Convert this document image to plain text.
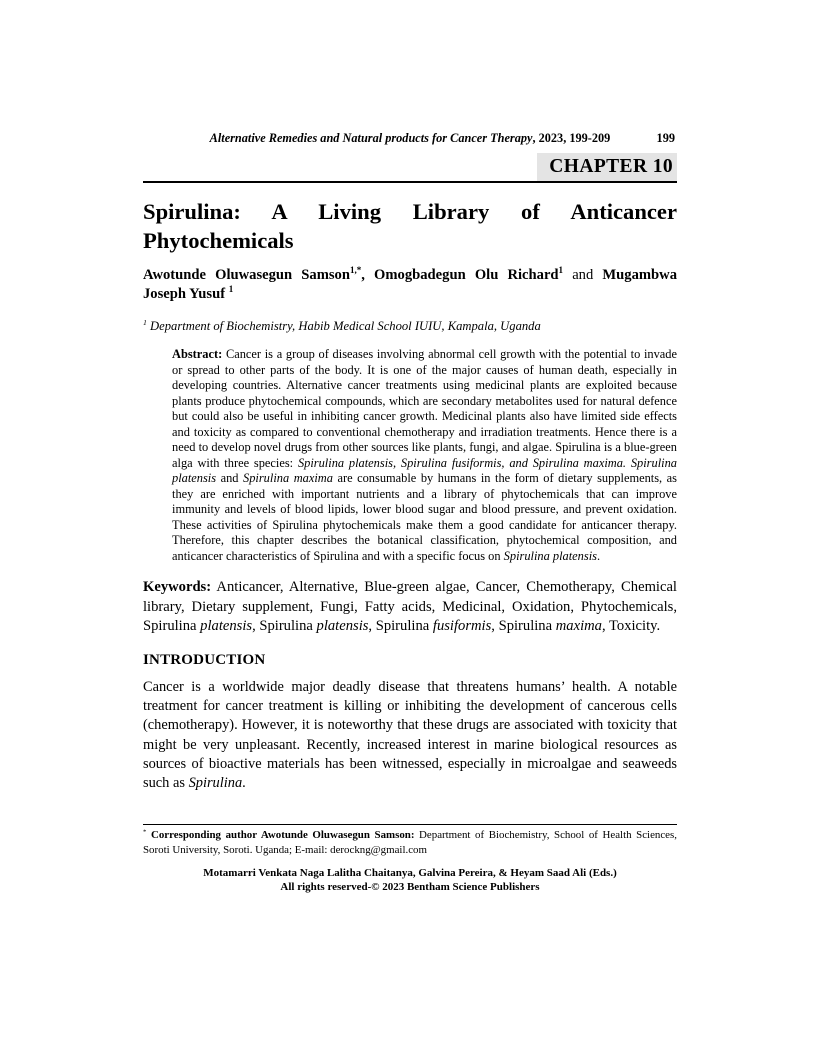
Alternative Remedies and Natural products for Cancer Therapy, 2023, 199-209	199
CHAPTER 10
Spirulina: A Living Library of Anticancer Phytochemicals

Awotunde Oluwasegun Samson$^{1,*}$, Omogbadegun Olu Richard$^1$ and Mugambwa Joseph Yusuf $^1$

$^1$ Department of Biochemistry, Habib Medical School IUIU, Kampala, Uganda

Abstract: Cancer is a group of diseases involving abnormal cell growth with the potential to invade or spread to other parts of the body. It is one of the major causes of human death, especially in developing countries. Alternative cancer treatments using medicinal plants are exploited because plants produce phytochemical compounds, which are secondary metabolites used for natural defence but could also be useful in inhibiting cancer growth. Medicinal plants also have limited side effects and toxicity as compared to conventional chemotherapy and irradiation treatments. Hence there is a need to develop novel drugs from other sources like plants, fungi, and algae. Spirulina is a blue-green alga with three species: Spirulina platensis, Spirulina fusiformis, and Spirulina maxima. Spirulina platensis and Spirulina maxima are consumable by humans in the form of dietary supplements, as they are enriched with important nutrients and a library of phytochemicals that can improve immunity and levels of blood lipids, lower blood sugar and blood pressure, and prevent oxidation. These activities of Spirulina phytochemicals make them a good candidate for anticancer therapy. Therefore, this chapter describes the botanical classification, phytochemical composition, and anticancer characteristics of Spirulina and with a specific focus on Spirulina platensis.

Keywords: Anticancer, Alternative, Blue-green algae, Cancer, Chemotherapy, Chemical library, Dietary supplement, Fungi, Fatty acids, Medicinal, Oxidation, Phytochemicals, Spirulina platensis, Spirulina platensis, Spirulina fusiformis, Spirulina maxima, Toxicity.

INTRODUCTION

Cancer is a worldwide major deadly disease that threatens humans’ health. A notable treatment for cancer treatment is killing or inhibiting the development of cancerous cells (chemotherapy). However, it is noteworthy that these drugs are associated with toxicity that might be very unpleasant. Recently, increased interest in marine biological resources as sources of bioactive materials has been witnessed, especially in microalgae and seaweeds such as Spirulina.

* Corresponding author Awotunde Oluwasegun Samson: Department of Biochemistry, School of Health Sciences, Soroti University, Soroti. Uganda; E-mail: derockng@gmail.com

Motamarri Venkata Naga Lalitha Chaitanya, Galvina Pereira, & Heyam Saad Ali (Eds.)
All rights reserved-© 2023 Bentham Science Publishers
